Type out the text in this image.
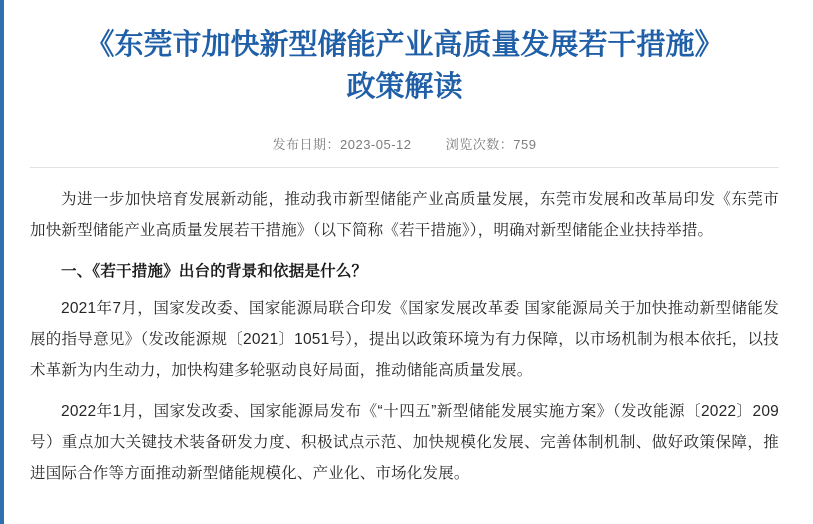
《东莞市加快新型储能产业高质量发展若干措施》政策解读
发布日期：2023-05-12	浏览次数：759

为进一步加快培育发展新动能，推动我市新型储能产业高质量发展，东莞市发展和改革局印发《东莞市加快新型储能产业高质量发展若干措施》（以下简称《若干措施》），明确对新型储能企业扶持举措。

一、《若干措施》出台的背景和依据是什么？

2021年7月，国家发改委、国家能源局联合印发《国家发展改革委 国家能源局关于加快推动新型储能发展的指导意见》（发改能源规〔2021〕1051号），提出以政策环境为有力保障，以市场机制为根本依托，以技术革新为内生动力，加快构建多轮驱动良好局面，推动储能高质量发展。

2022年1月，国家发改委、国家能源局发布《“十四五”新型储能发展实施方案》（发改能源〔2022〕209号）重点加大关键技术装备研发力度、积极试点示范、加快规模化发展、完善体制机制、做好政策保障，推进国际合作等方面推动新型储能规模化、产业化、市场化发展。
